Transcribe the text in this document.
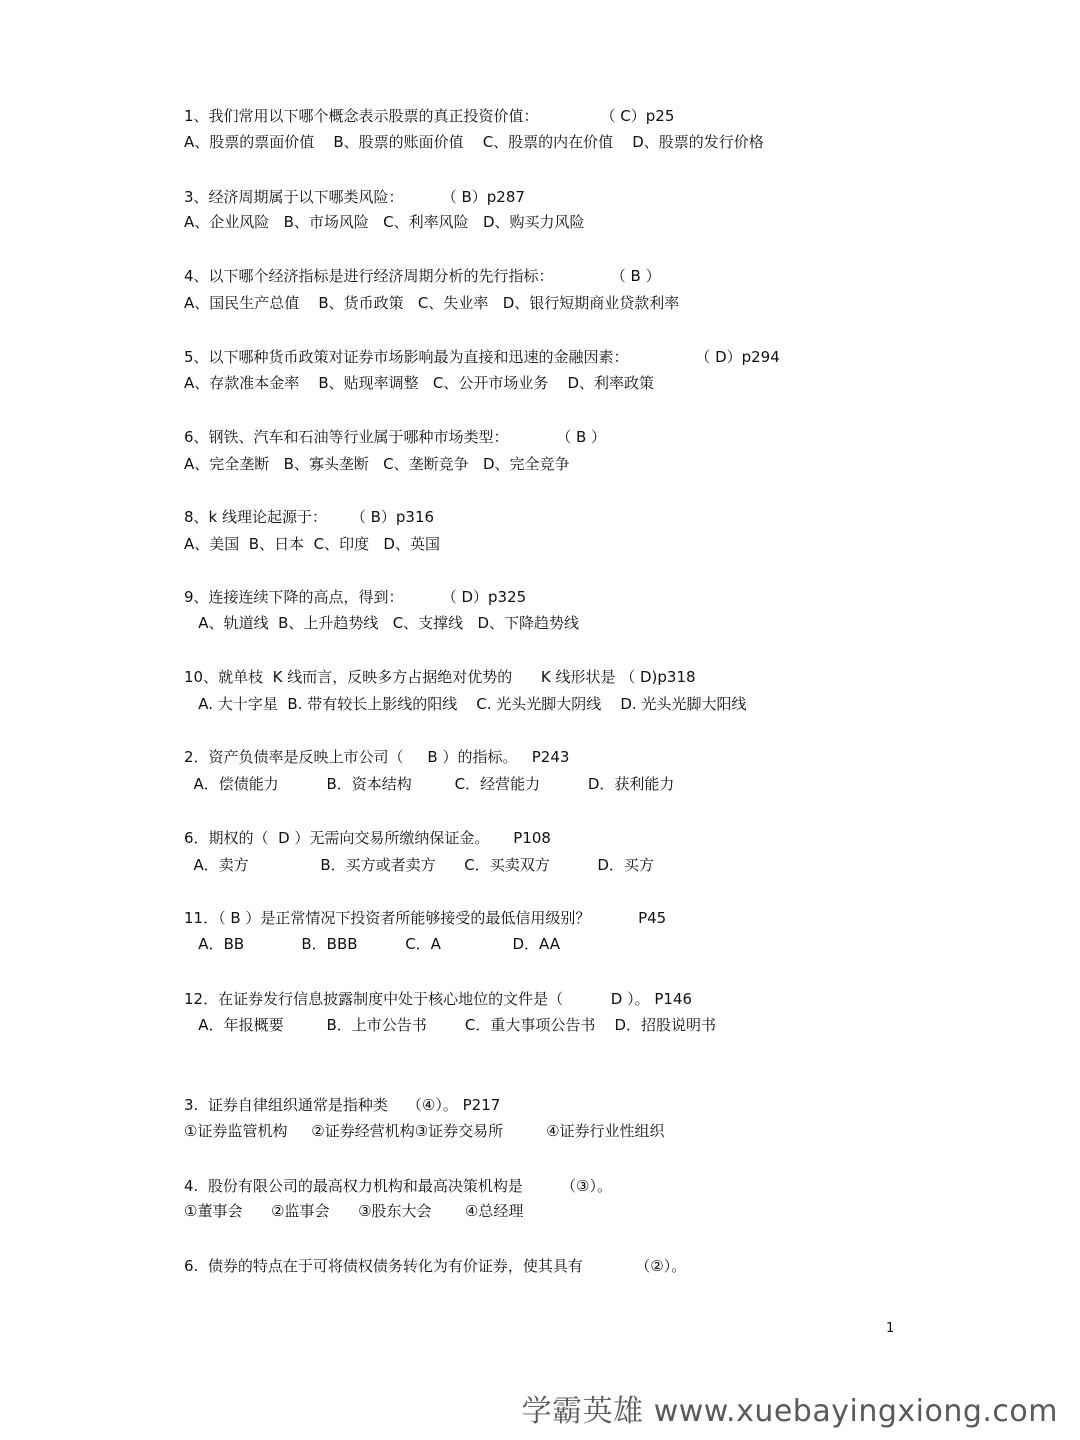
1、我们常用以下哪个概念表示股票的真正投资价值：             （ C）p25
A、股票的票面价值    B、股票的账面价值    C、股票的内在价值    D、股票的发行价格
3、经济周期属于以下哪类风险：        （ B）p287
A、企业风险   B、市场风险   C、利率风险   D、购买力风险
4、以下哪个经济指标是进行经济周期分析的先行指标：            （ B ）
A、国民生产总值    B、货币政策   C、失业率   D、银行短期商业贷款利率
5、以下哪种货币政策对证券市场影响最为直接和迅速的金融因素：              （ D）p294
A、存款准本金率    B、贴现率调整   C、公开市场业务    D、利率政策
6、钢铁、汽车和石油等行业属于哪种市场类型：          （ B ）
A、完全垄断   B、寡头垄断   C、垄断竞争   D、完全竞争
8、k 线理论起源于：     （ B）p316
A、美国  B、日本  C、印度   D、英国
9、连接连续下降的高点，得到：        （ D）p325
A、轨道线  B、上升趋势线   C、支撑线   D、下降趋势线
10、就单枝  K 线而言，反映多方占据绝对优势的      K 线形状是 （ D)p318
A. 大十字星  B. 带有较长上影线的阳线    C. 光头光脚大阴线    D. 光头光脚大阳线
2．资产负债率是反映上市公司（     B ）的指标。   P243
A．偿债能力          B．资本结构         C．经营能力          D．获利能力
6．期权的（  D ）无需向交易所缴纳保证金。     P108
A．卖方               B．买方或者卖方      C．买卖双方          D．买方
11．（ B ）是正常情况下投资者所能够接受的最低信用级别？          P45
A．BB            B．BBB          C．A               D．AA
12．在证券发行信息披露制度中处于核心地位的文件是（          D ）。 P146
A．年报概要         B．上市公告书        C．重大事项公告书    D．招股说明书
3.  证券自律组织通常是指种类    （④）。 P217
①证券监管机构     ②证券经营机构③证券交易所         ④证券行业性组织
4.  股份有限公司的最高权力机构和最高决策机构是        （③）。
①董事会      ②监事会      ③股东大会       ④总经理
6.  债券的特点在于可将债权债务转化为有价证券，使其具有           （②）。
1
学霸英雄 www.xuebayingxiong.com
